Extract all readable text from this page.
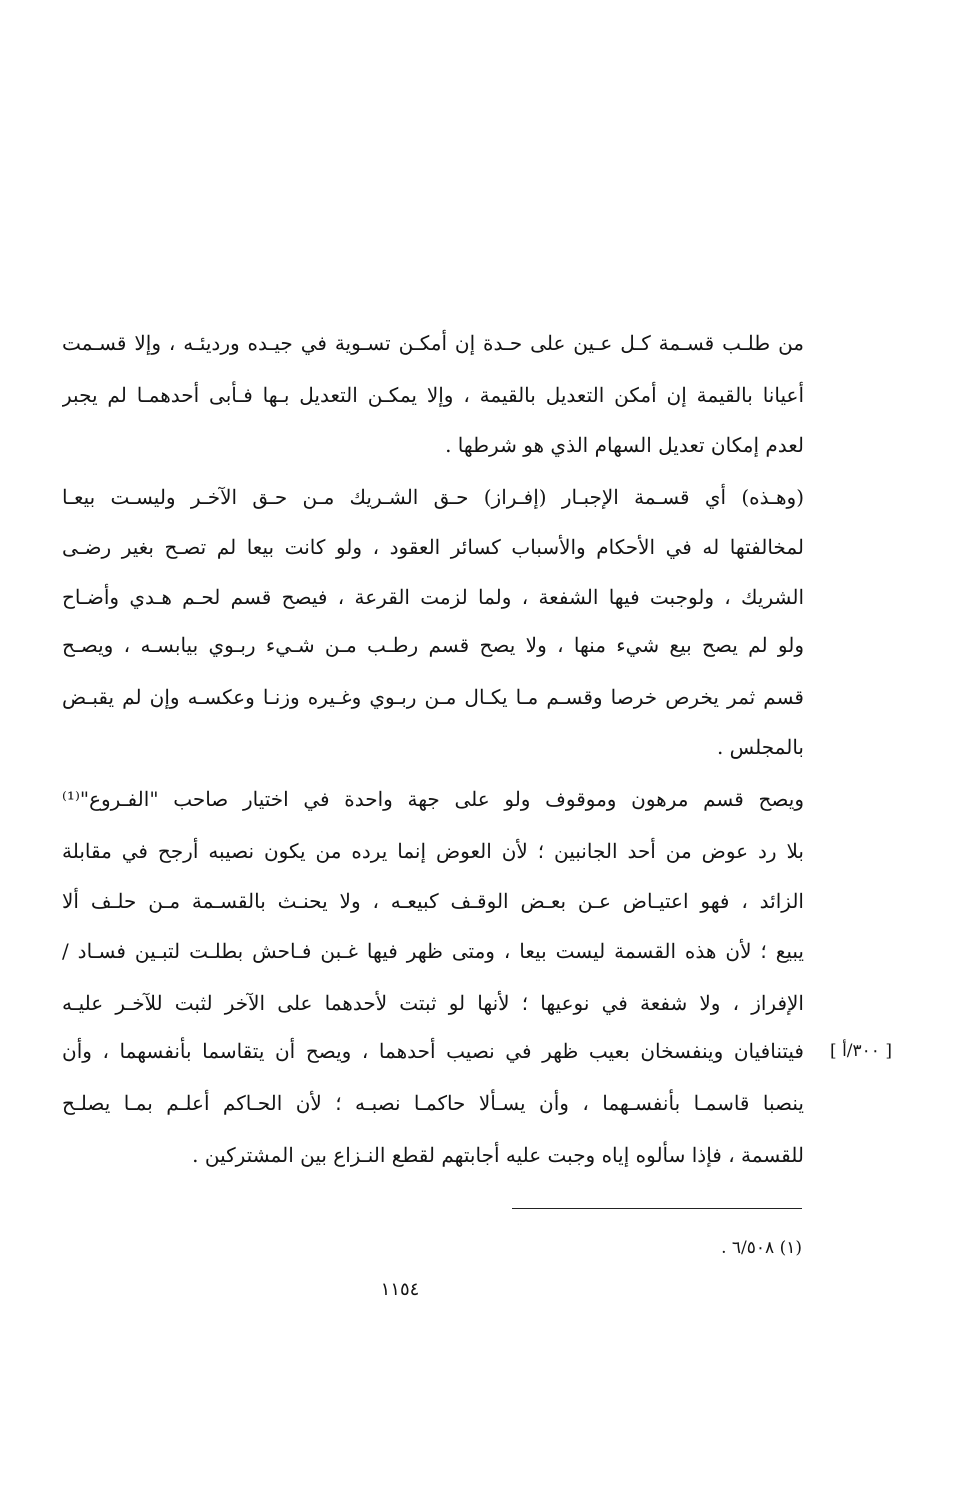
من طلـب قسـمة كـل عـين على حـدة إن أمكـن تسـوية في جيـده ورديئـه ، وإلا قسـمت
أعيانا بالقيمة إن أمكن التعديل بالقيمة ، وإلا يمكـن التعديل بـها فـأبى أحدهمـا لم يجبر
لعدم إمكان تعديل السهام الذي هو شرطها .
(وهـذه) أي قسـمة الإجبـار (إفـراز) حـق الشـريك مـن حـق الآخـر وليسـت بيعـا
لمخالفتها له في الأحكام والأسباب كسائر العقود ، ولو كانت بيعا لم تصـح بغير رضـى
الشريك ، ولوجبت فيها الشفعة ، ولما لزمت القرعة ، فيصح قسم لحـم هـدي وأضـاح
ولو لم يصح بيع شيء منها ، ولا يصح قسم رطـب مـن شـيء ربـوي بيابسـه ، ويصـح
قسم ثمر يخرص خرصا وقسـم مـا يكـال مـن ربـوي وغـيره وزنـا وعكسـه وإن لم يقبـض
بالمجلس .
ويصح قسم مرهون وموقوف ولو على جهة واحدة في اختيار صاحب "الفـروع"⁽¹⁾
بلا رد عوض من أحد الجانبين ؛ لأن العوض إنما يرده من يكون نصيبه أرجح في مقابلة
الزائد ، فهو اعتيـاض عـن بعـض الوقـف كبيعـه ، ولا يحنـث بالقسـمة مـن حلـف ألا
يبيع ؛ لأن هذه القسمة ليست بيعا ، ومتى ظهر فيها غـبن فـاحش بطلـت لتبـين فسـاد /
الإفراز ، ولا شفعة في نوعيها ؛ لأنها لو ثبتت لأحدهما على الآخر لثبت للآخـر عليـه
فيتنافيان وينفسخان بعيب ظهر في نصيب أحدهما ، ويصح أن يتقاسما بأنفسهما ، وأن
ينصبا قاسمـا بأنفسـهما ، وأن يسـألا حاكمـا نصبـه ؛ لأن الحـاكم أعلـم بمـا يصلـح
للقسمة ، فإذا سألوه إياه وجبت عليه أجابتهم لقطع النـزاع بين المشتركين .
[ ٣٠٠/أ ]
(١) ٦/٥٠٨ .
١١٥٤
